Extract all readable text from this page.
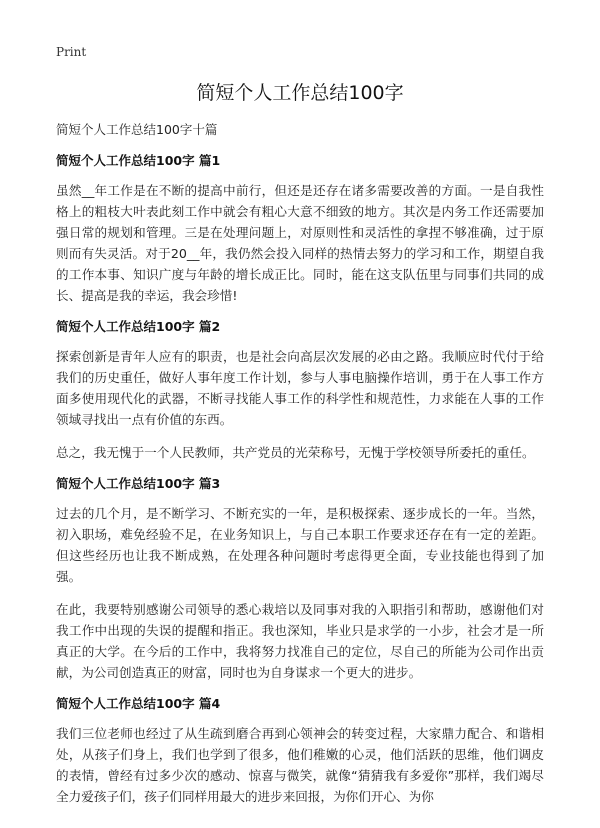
Print
简短个人工作总结100字
简短个人工作总结100字十篇
简短个人工作总结100字 篇1

虽然__年工作是在不断的提高中前行，但还是还存在诸多需要改善的方面。一是自我性格上的粗枝大叶表此刻工作中就会有粗心大意不细致的地方。其次是内务工作还需要加强日常的规划和管理。三是在处理问题上，对原则性和灵活性的拿捏不够准确，过于原则而有失灵活。对于20__年，我仍然会投入同样的热情去努力的学习和工作，期望自我的工作本事、知识广度与年龄的增长成正比。同时，能在这支队伍里与同事们共同的成长、提高是我的幸运，我会珍惜!

简短个人工作总结100字 篇2

探索创新是青年人应有的职责，也是社会向高层次发展的必由之路。我顺应时代付于给我们的历史重任，做好人事年度工作计划，参与人事电脑操作培训，勇于在人事工作方面多使用现代化的武器，不断寻找能人事工作的科学性和规范性，力求能在人事的工作领域寻找出一点有价值的东西。

总之，我无愧于一个人民教师，共产党员的光荣称号，无愧于学校领导所委托的重任。

简短个人工作总结100字 篇3

过去的几个月，是不断学习、不断充实的一年，是积极探索、逐步成长的一年。当然，初入职场，难免经验不足，在业务知识上，与自己本职工作要求还存在有一定的差距。但这些经历也让我不断成熟，在处理各种问题时考虑得更全面，专业技能也得到了加强。

在此，我要特别感谢公司领导的悉心栽培以及同事对我的入职指引和帮助，感谢他们对我工作中出现的失误的提醒和指正。我也深知，毕业只是求学的一小步，社会才是一所真正的大学。在今后的工作中，我将努力找准自己的定位，尽自己的所能为公司作出贡献，为公司创造真正的财富，同时也为自身谋求一个更大的进步。

简短个人工作总结100字 篇4

我们三位老师也经过了从生疏到磨合再到心领神会的转变过程，大家鼎力配合、和谐相处，从孩子们身上，我们也学到了很多，他们稚嫩的心灵，他们活跃的思维，他们调皮的表情，曾经有过多少次的感动、惊喜与微笑，就像“猜猜我有多爱你”那样，我们竭尽全力爱孩子们，孩子们同样用最大的进步来回报，为你们开心、为你
